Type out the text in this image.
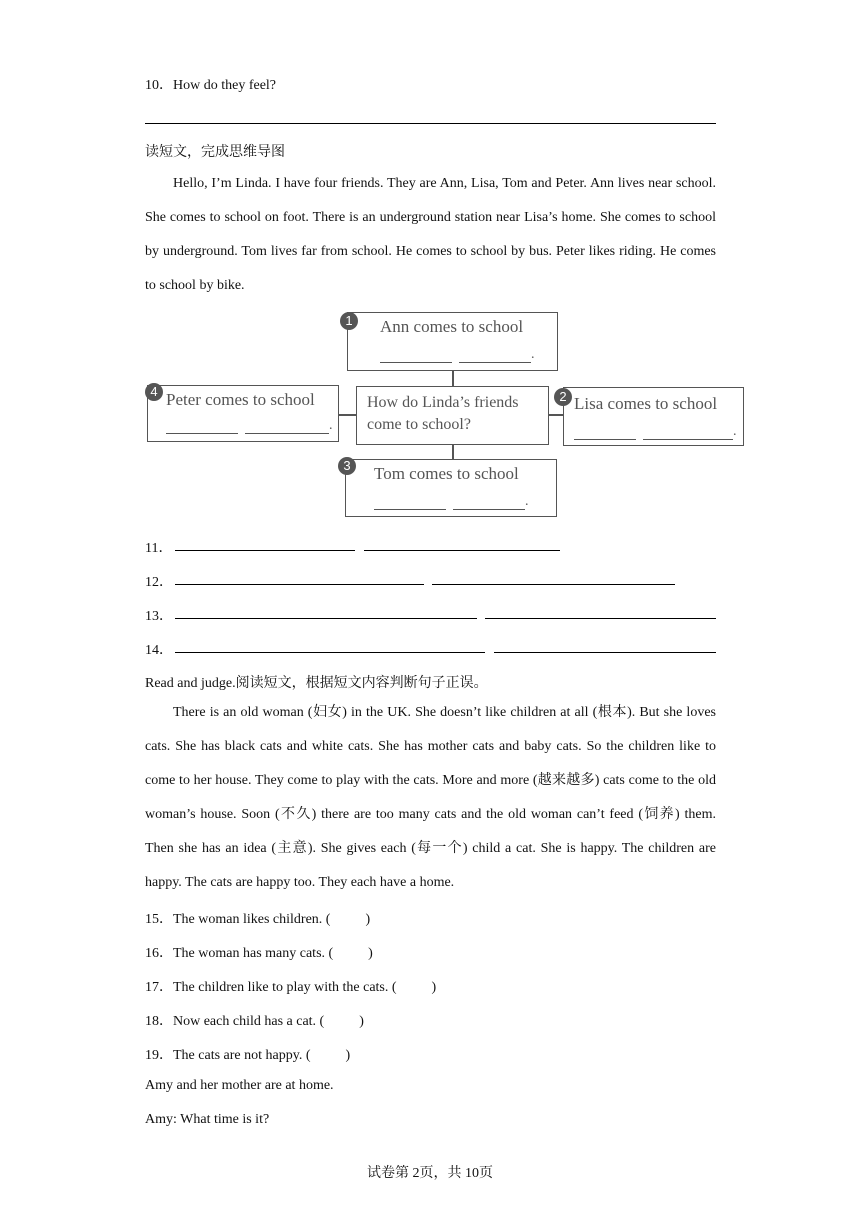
10．How do they feel?
读短文，完成思维导图

Hello, I’m Linda. I have four friends. They are Ann, Lisa, Tom and Peter. Ann lives near school. She comes to school on foot. There is an underground station near Lisa’s home. She comes to school by underground. Tom lives far from school. He comes to school by bus. Peter likes riding. He comes to school by bike.

Ann comes to school
.
1
Peter comes to school
.
4
How do Linda’s friends
come to school?
Lisa comes to school
.
2
Tom comes to school
.
3
11．
12．
13．
14．
Read and judge.阅读短文，根据短文内容判断句子正误。

There is an old woman (妇女) in the UK. She doesn’t like children at all (根本). But she loves cats. She has black cats and white cats. She has mother cats and baby cats. So the children like to come to her house. They come to play with the cats. More and more (越来越多) cats come to the old woman’s house. Soon (不久) there are too many cats and the old woman can’t feed (饲养) them. Then she has an idea (主意). She gives each (每一个) child a cat. She is happy. The children are happy. The cats are happy too. They each have a home.

15．The woman likes children. (          )
16．The woman has many cats. (          )
17．The children like to play with the cats. (          )
18．Now each child has a cat. (          )
19．The cats are not happy. (          )
Amy and her mother are at home.
Amy: What time is it?
试卷第 2页，共 10页
